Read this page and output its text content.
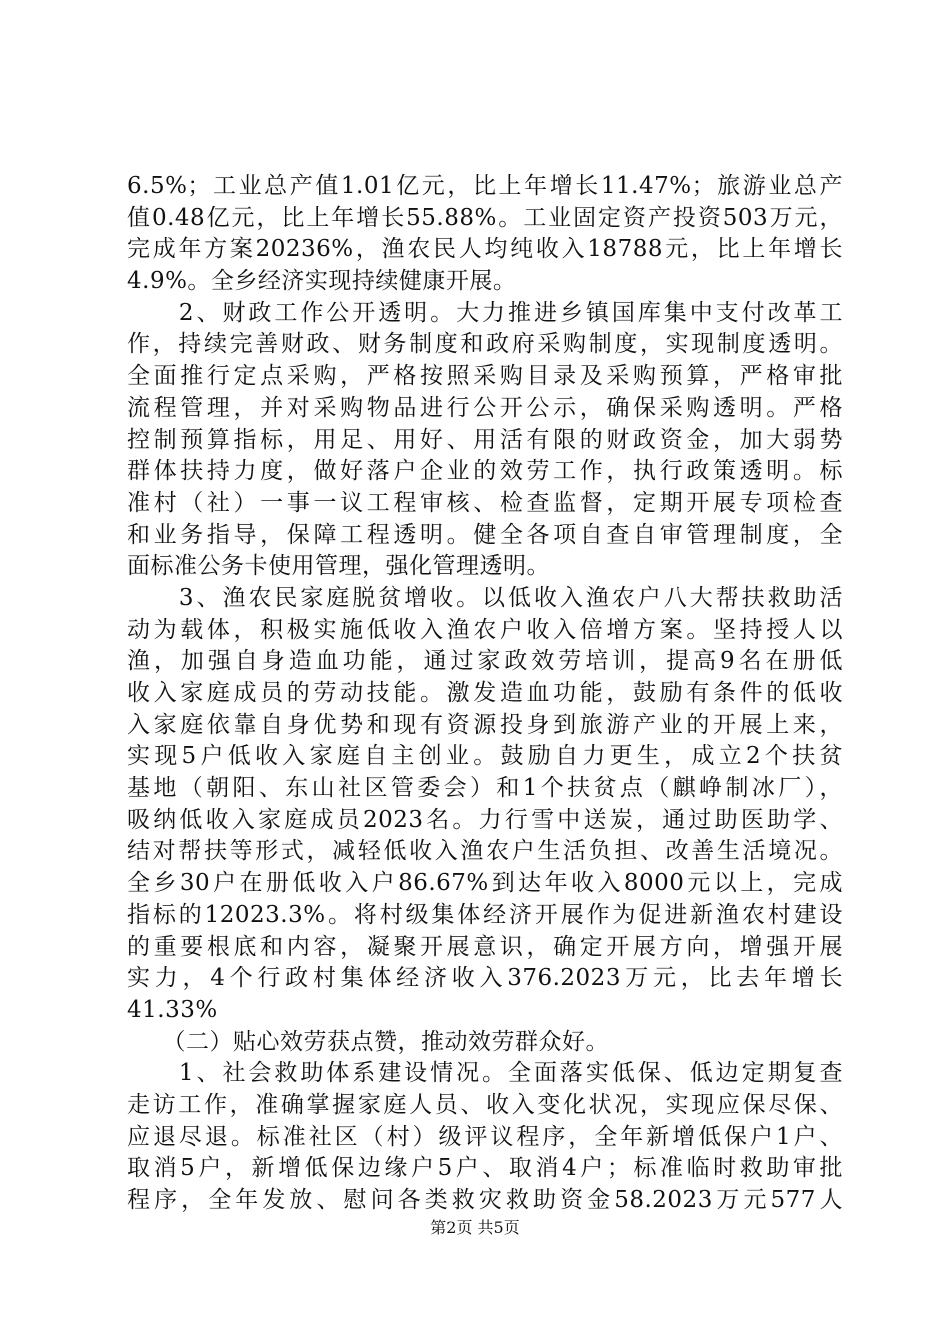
6.5%；工业总产值1.01亿元，比上年增长11.47%；旅游业总产
值0.48亿元，比上年增长55.88%。工业固定资产投资503万元，
完成年方案20236%，渔农民人均纯收入18788元，比上年增长
4.9%。全乡经济实现持续健康开展。
　　2、财政工作公开透明。大力推进乡镇国库集中支付改革工
作，持续完善财政、财务制度和政府采购制度，实现制度透明。
全面推行定点采购，严格按照采购目录及采购预算，严格审批
流程管理，并对采购物品进行公开公示，确保采购透明。严格
控制预算指标，用足、用好、用活有限的财政资金，加大弱势
群体扶持力度，做好落户企业的效劳工作，执行政策透明。标
准村（社）一事一议工程审核、检查监督，定期开展专项检查
和业务指导，保障工程透明。健全各项自查自审管理制度，全
面标准公务卡使用管理，强化管理透明。
　　3、渔农民家庭脱贫增收。以低收入渔农户八大帮扶救助活
动为载体，积极实施低收入渔农户收入倍增方案。坚持授人以
渔，加强自身造血功能，通过家政效劳培训，提高9名在册低
收入家庭成员的劳动技能。激发造血功能，鼓励有条件的低收
入家庭依靠自身优势和现有资源投身到旅游产业的开展上来，
实现5户低收入家庭自主创业。鼓励自力更生，成立2个扶贫
基地（朝阳、东山社区管委会）和1个扶贫点（麒峥制冰厂），
吸纳低收入家庭成员2023名。力行雪中送炭，通过助医助学、
结对帮扶等形式，减轻低收入渔农户生活负担、改善生活境况。
全乡30户在册低收入户86.67%到达年收入8000元以上，完成
指标的12023.3%。将村级集体经济开展作为促进新渔农村建设
的重要根底和内容，凝聚开展意识，确定开展方向，增强开展
实力，4个行政村集体经济收入376.2023万元，比去年增长
41.33%
　　（二）贴心效劳获点赞，推动效劳群众好。
　　1、社会救助体系建设情况。全面落实低保、低边定期复查
走访工作，准确掌握家庭人员、收入变化状况，实现应保尽保、
应退尽退。标准社区（村）级评议程序，全年新增低保户1户、
取消5户，新增低保边缘户5户、取消4户；标准临时救助审批
程序，全年发放、慰问各类救灾救助资金58.2023万元577人
第2页 共5页
